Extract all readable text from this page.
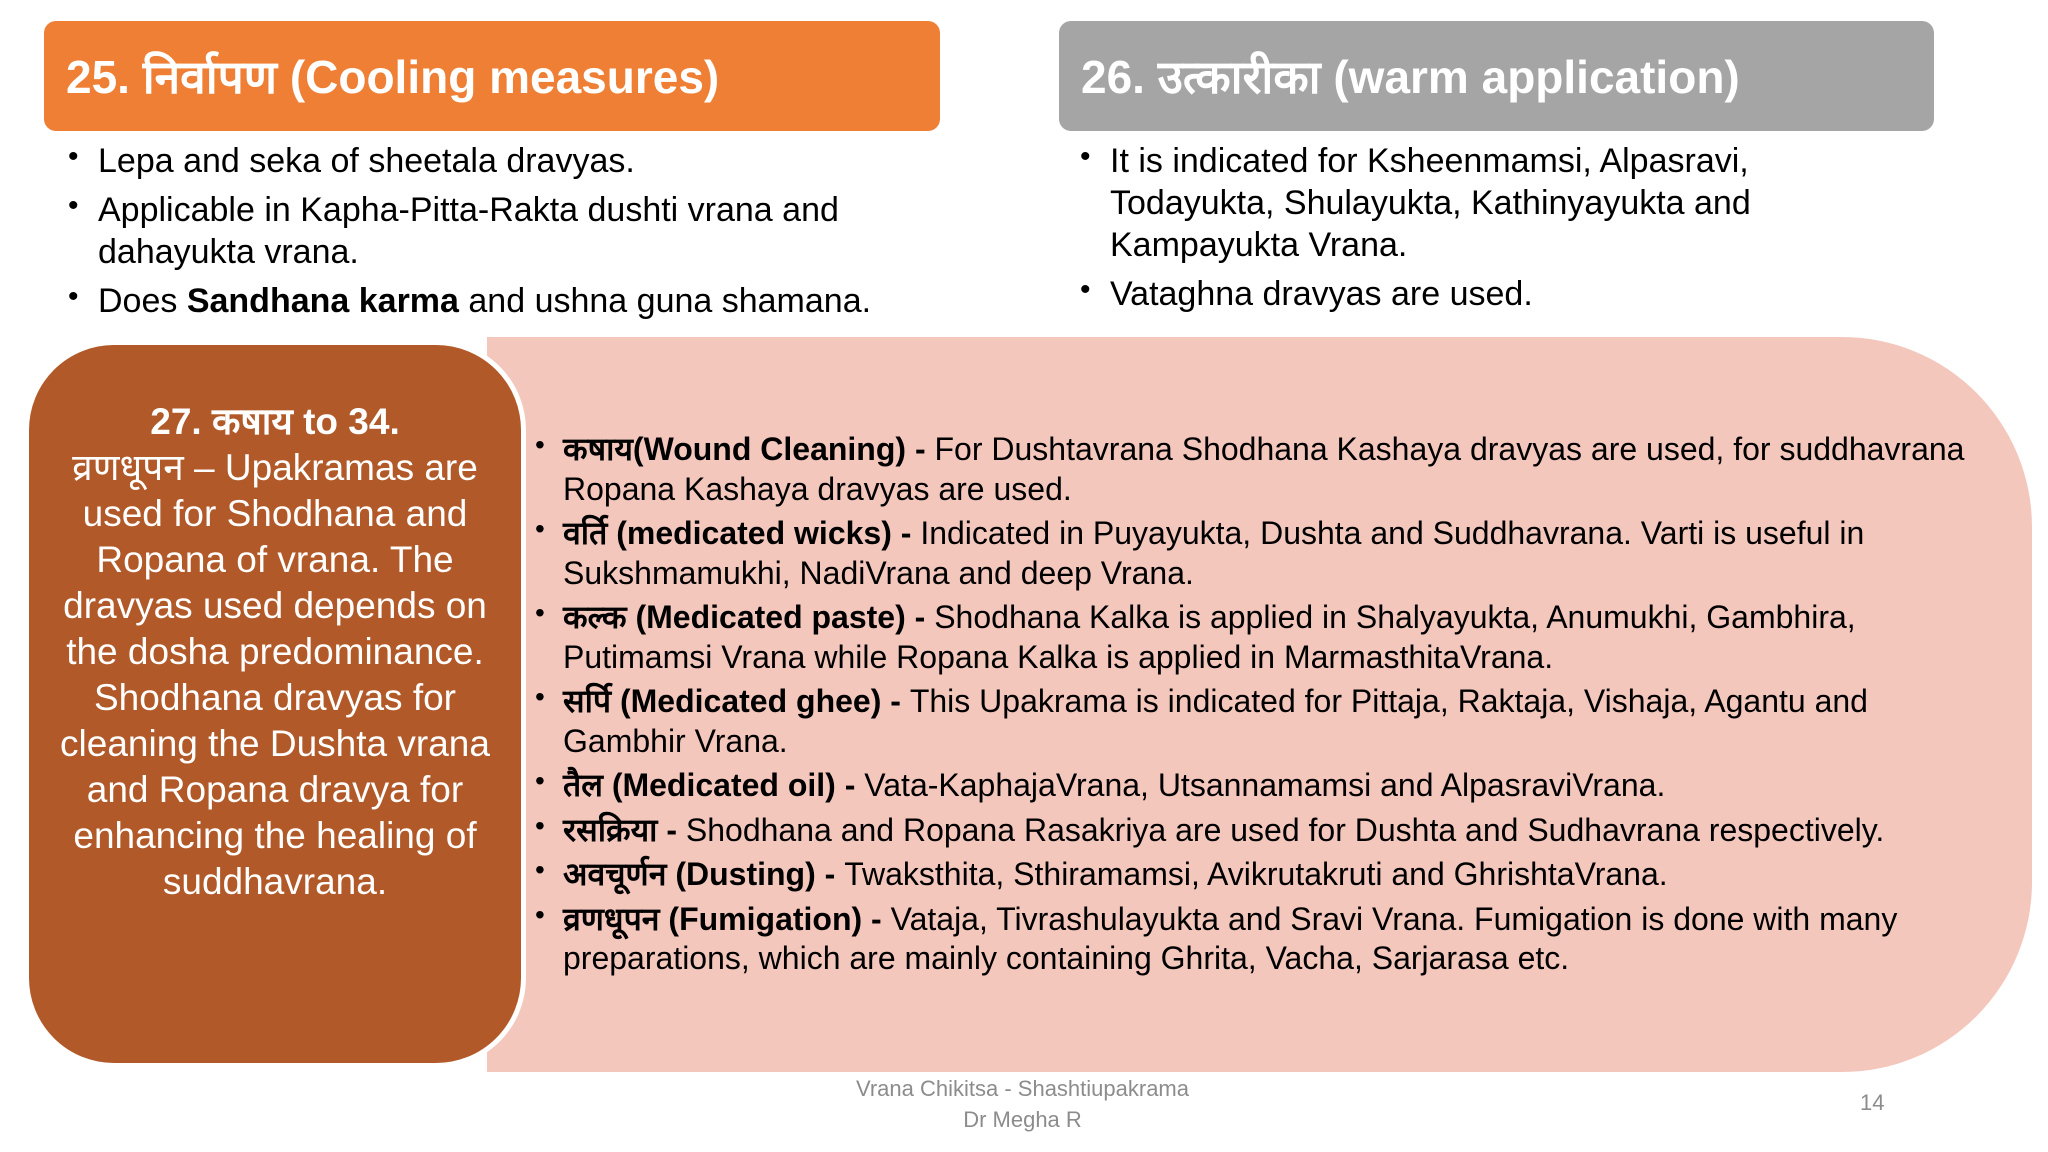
25. निर्वापण (Cooling measures)
• Lepa and seka of sheetala dravyas.
• Applicable in Kapha-Pitta-Rakta dushti vrana and dahayukta vrana.
• Does Sandhana karma and ushna guna shamana.
26. उत्कारीका (warm application)
• It is indicated for Ksheenmamsi, Alpasravi, Todayukta, Shulayukta, Kathinyayukta and Kampayukta Vrana.
• Vataghna dravyas are used.
27. कषाय to 34.
व्रणधूपन – Upakramas are used for Shodhana and Ropana of vrana. The dravyas used depends on the dosha predominance. Shodhana dravyas for cleaning the Dushta vrana and Ropana dravya for enhancing the healing of suddhavrana.
• कषाय(Wound Cleaning) - For Dushtavrana Shodhana Kashaya dravyas are used, for suddhavrana Ropana Kashaya dravyas are used.
• वर्ति (medicated wicks) - Indicated in Puyayukta, Dushta and Suddhavrana. Varti is useful in Sukshmamukhi, NadiVrana and deep Vrana.
• कल्क (Medicated paste) - Shodhana Kalka is applied in Shalyayukta, Anumukhi, Gambhira, Putimamsi Vrana while Ropana Kalka is applied in MarmasthitaVrana.
• सर्पि (Medicated ghee) - This Upakrama is indicated for Pittaja, Raktaja, Vishaja, Agantu and Gambhir Vrana.
• तैल (Medicated oil) - Vata-KaphajaVrana, Utsannamamsi and AlpasraviVrana.
• रसक्रिया - Shodhana and Ropana Rasakriya are used for Dushta and Sudhavrana respectively.
• अवचूर्णन (Dusting) - Twaksthita, Sthiramamsi, Avikrutakruti and GhrishtaVrana.
• व्रणधूपन (Fumigation) - Vataja, Tivrashulayukta and Sravi Vrana. Fumigation is done with many preparations, which are mainly containing Ghrita, Vacha, Sarjarasa etc.
Vrana Chikitsa - Shashtiupakrama
Dr Megha R
14
